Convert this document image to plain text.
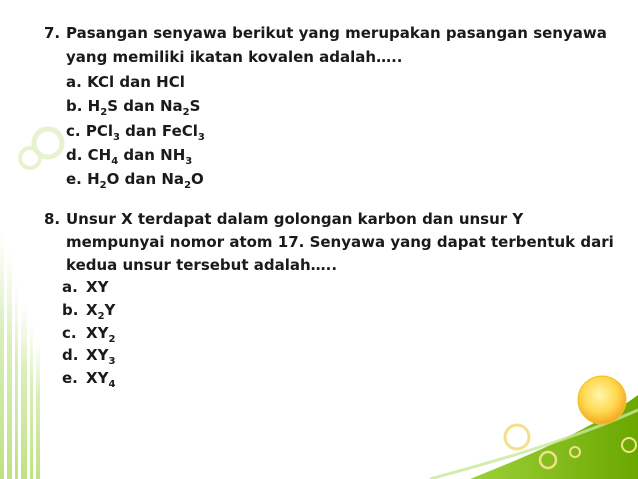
7. Pasangan senyawa berikut yang merupakan pasangan senyawa
yang memiliki ikatan kovalen adalah…..
a. KCl dan HCl
b. $H_2S$ dan $Na_2S$
c. PCl$_3$ dan FeCl$_3$
d. $CH_4$ dan $NH_3$
e. $H_2O$ dan $Na_2O$
8. Unsur X terdapat dalam golongan karbon dan unsur Y
mempunyai nomor atom 17. Senyawa yang dapat terbentuk dari
kedua unsur tersebut adalah…..
a. XY
b. $X_2Y$
c. $XY_2$
d. $XY_3$
e. $XY_4$
